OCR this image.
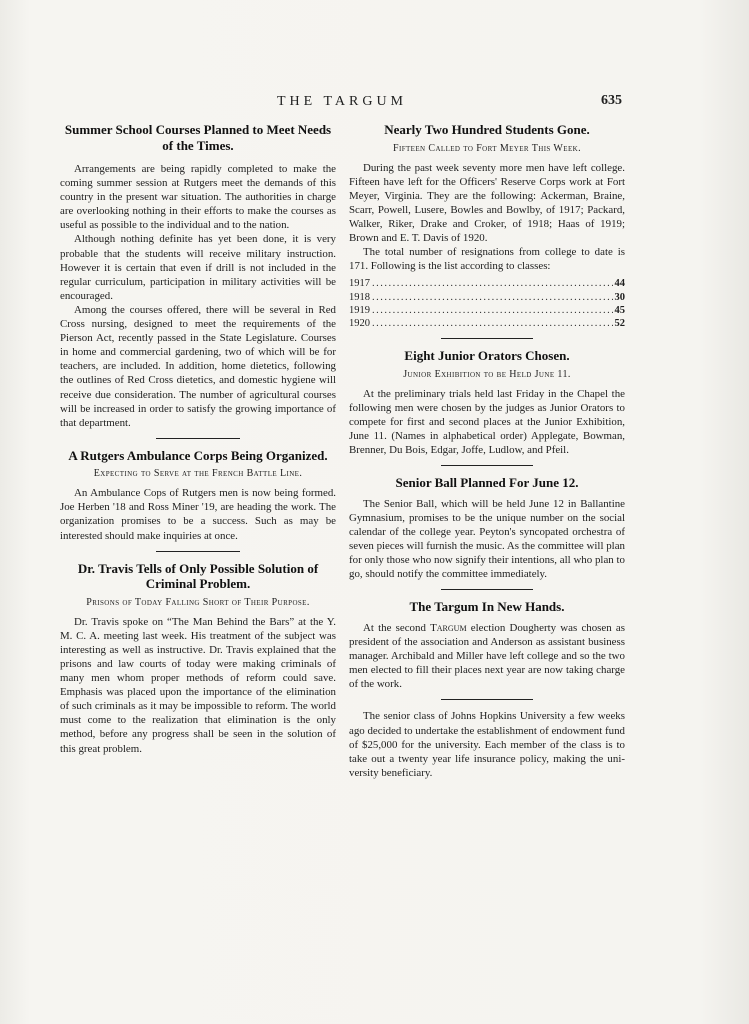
THE TARGUM	635
Summer School Courses Planned to Meet Needs of the Times.

Arrangements are being rapidly completed to make the coming summer session at Rutgers meet the demands of this country in the present war situation. The authorities in charge are overlooking nothing in their efforts to make the courses as useful as possible to the individual and to the nation.

Although nothing definite has yet been done, it is very probable that the students will receive military instruction. However it is certain that even if drill is not included in the regular curriculum, participation in military activities will be encouraged.

Among the courses offered, there will be several in Red Cross nursing, designed to meet the requirements of the Pierson Act, recently passed in the State Legislature. Courses in home and commercial gardening, two of which will be for teachers, are included. In addition, home dietetics, following the outlines of Red Cross dietetics, and domestic hygiene will receive due consideration. The number of agricultural courses will be increased in order to satisfy the growing importance of that department.

A Rutgers Ambulance Corps Being Organized.
Expecting to Serve at the French Battle Line.

An Ambulance Cops of Rutgers men is now being formed. Joe Herben '18 and Ross Miner '19, are heading the work. The organization promises to be a success. Such as may be interested should make inquiries at once.

Dr. Travis Tells of Only Possible Solution of Criminal Problem.
Prisons of Today Falling Short of Their Purpose.

Dr. Travis spoke on “The Man Behind the Bars” at the Y. M. C. A. meeting last week. His treatment of the subject was interesting as well as instructive. Dr. Travis explained that the prisons and law courts of today were making criminals of many men whom proper methods of reform could save. Emphasis was placed upon the importance of the elimination of such criminals as it may be impossible to reform. The world must come to the realization that elimination is the only method, before any progress shall be seen in the solution of this great problem.

Nearly Two Hundred Students Gone.
Fifteen Called to Fort Meyer This Week.

During the past week seventy more men have left college. Fifteen have left for the Officers' Reserve Corps work at Fort Meyer, Virginia. They are the following: Ackerman, Braine, Scarr, Powell, Lusere, Bowles and Bowlby, of 1917; Packard, Walker, Riker, Drake and Croker, of 1918; Haas of 1919; Brown and E. T. Davis of 1920.

The total number of resignations from college to date is 171. Following is the list according to classes:

1917 .....	44
1918 .....	30
1919 .....	45
1920 .....	52
Eight Junior Orators Chosen.
Junior Exhibition to be Held June 11.

At the preliminary trials held last Friday in the Chapel the following men were chosen by the judges as Junior Orators to compete for first and second places at the Junior Exhibition, June 11. (Names in alphabetical order) Applegate, Bowman, Brenner, Du Bois, Edgar, Joffe, Ludlow, and Pfeil.

Senior Ball Planned For June 12.

The Senior Ball, which will be held June 12 in Ballantine Gymnasium, promises to be the unique number on the social calendar of the college year. Peyton's syncopated orchestra of seven pieces will furnish the music. As the committee will plan for only those who now signify their intentions, all who plan to go, should notify the committee immediately.

The Targum In New Hands.

At the second Targum election Dougherty was chosen as president of the association and Anderson as assistant business manager. Archibald and Miller have left college and so the two men elected to fill their places next year are now taking charge of the work.

The senior class of Johns Hopkins University a few weeks ago decided to undertake the establishment of endowment fund of $25,000 for the university. Each member of the class is to take out a twenty year life insurance policy, making the university beneficiary.
